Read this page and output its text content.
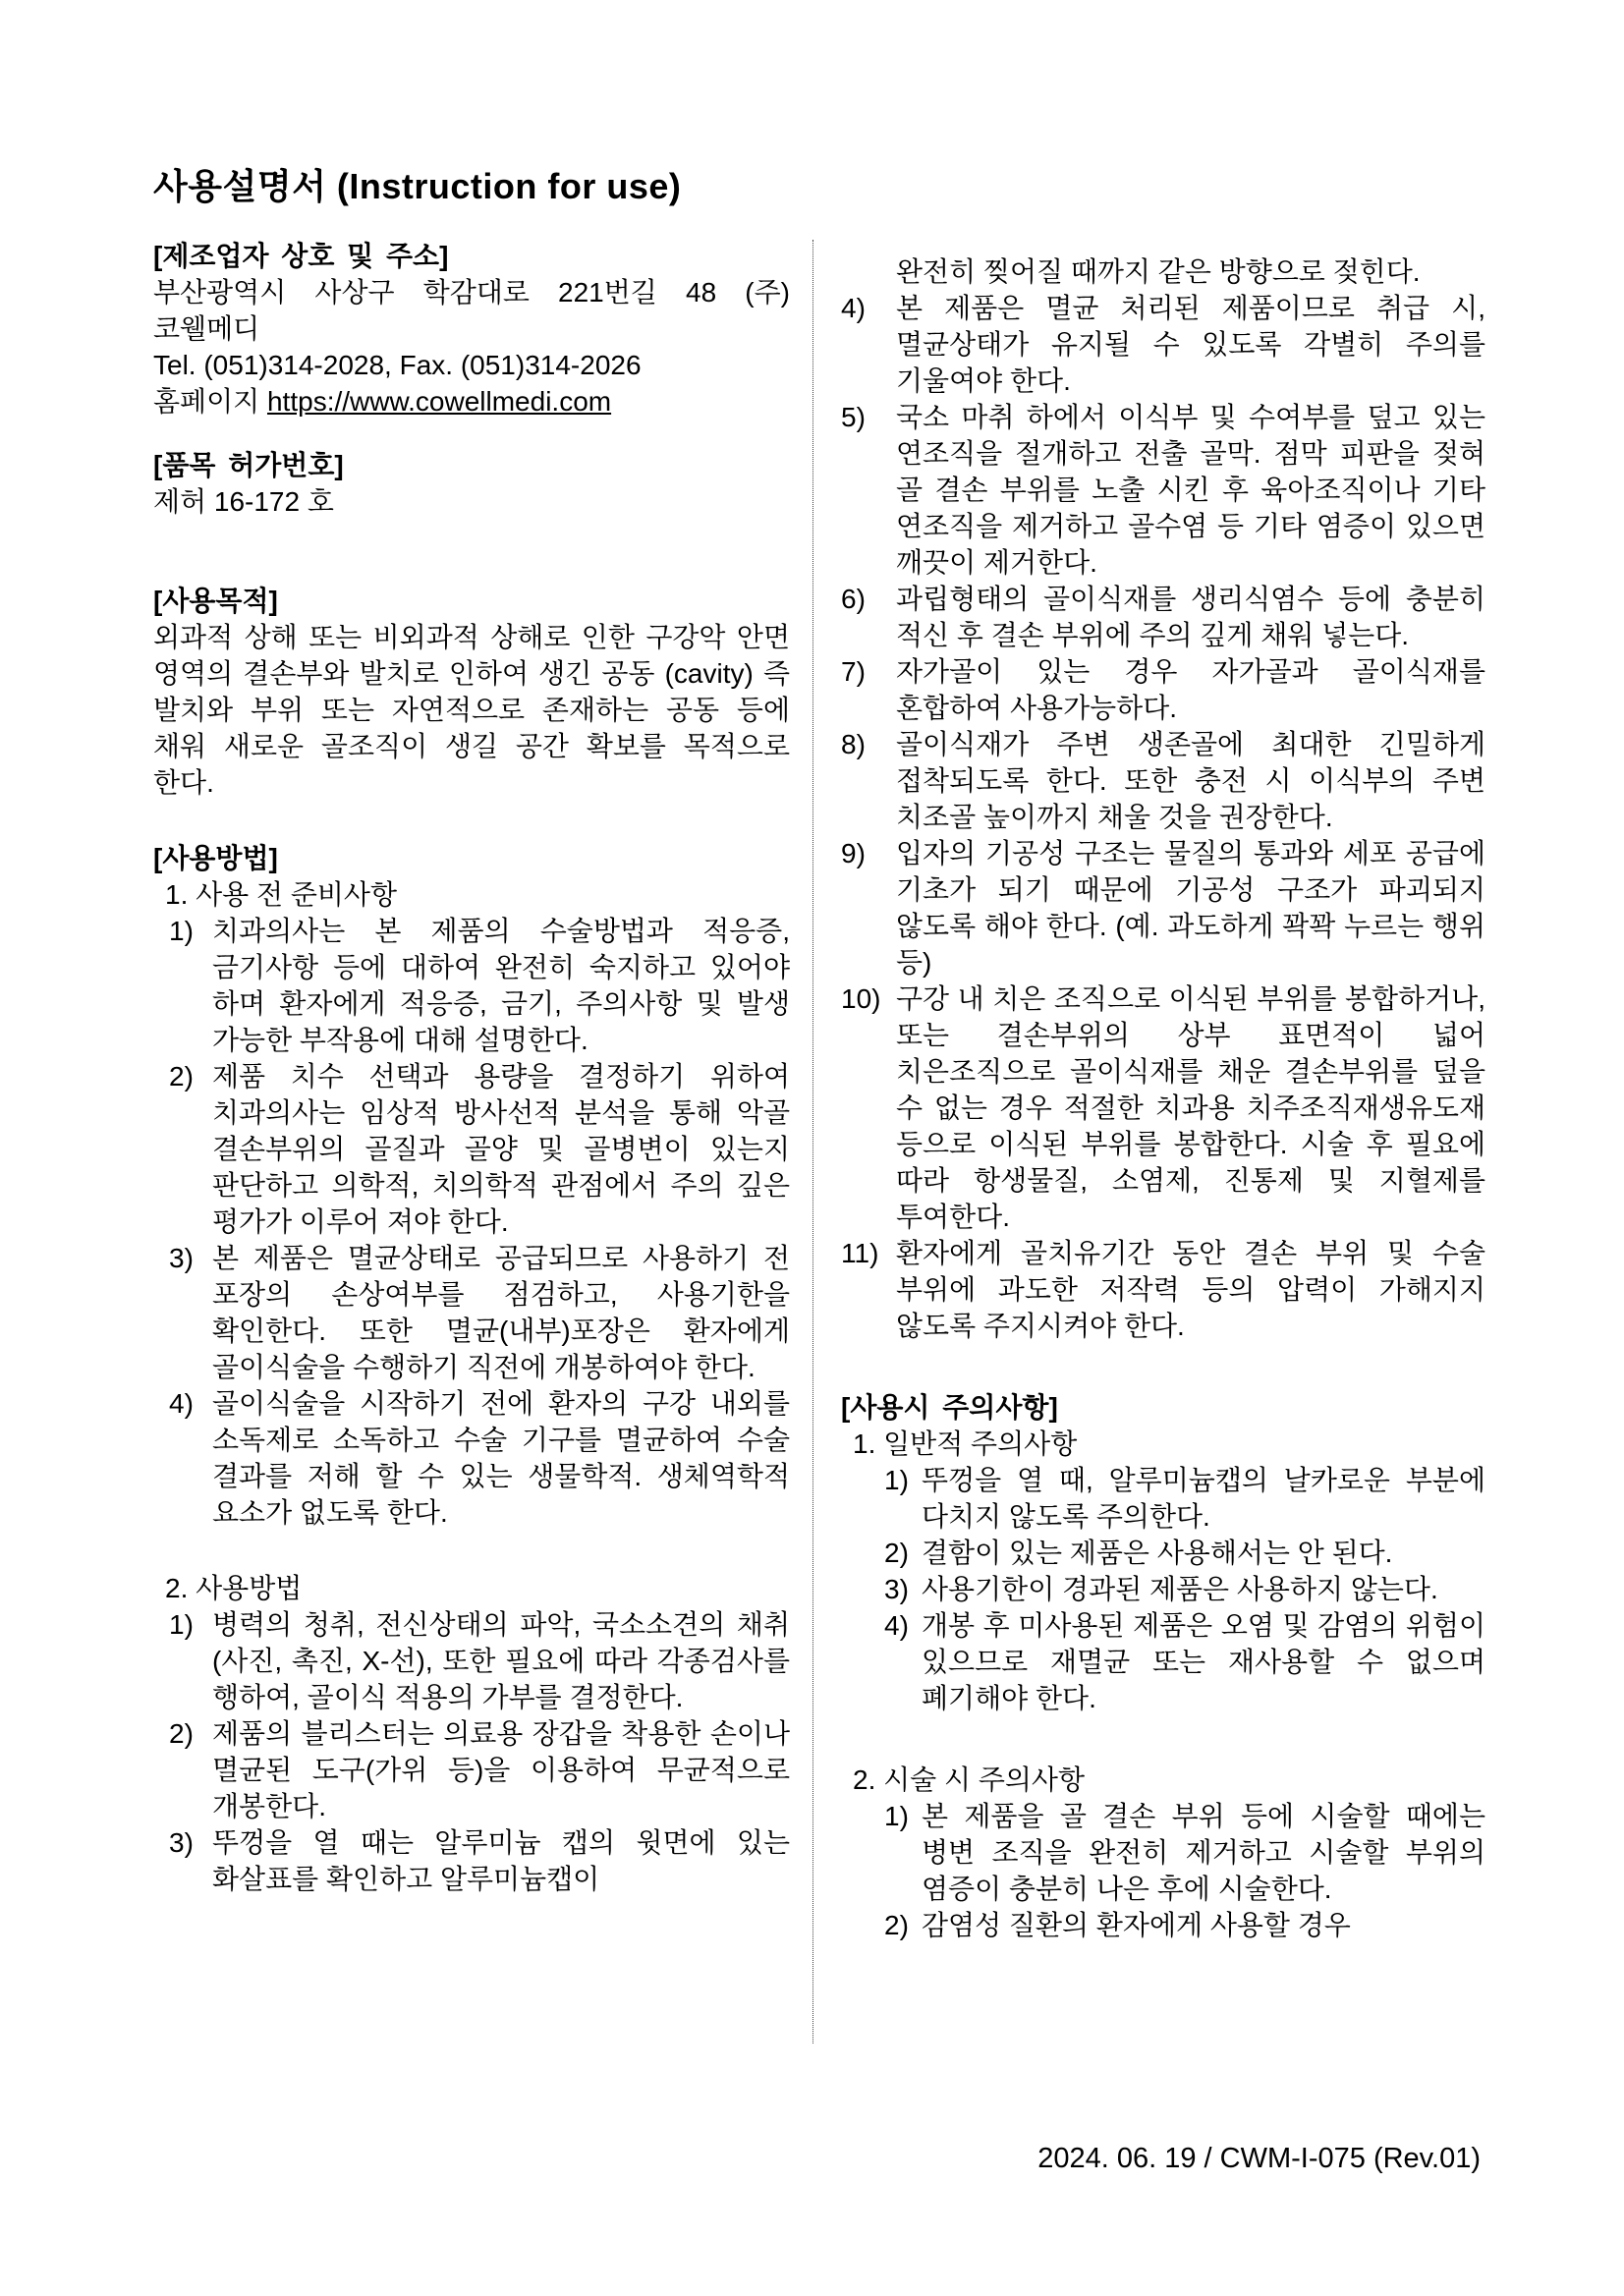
사용설명서 (Instruction for use)
[제조업자 상호 및 주소]
부산광역시 사상구 학감대로 221번길 48 (주)코웰메디
Tel. (051)314-2028, Fax. (051)314-2026
홈페이지 https://www.cowellmedi.com
[품목 허가번호]
제허 16-172 호
[사용목적]
외과적 상해 또는 비외과적 상해로 인한 구강악 안면 영역의 결손부와 발치로 인하여 생긴 공동 (cavity) 즉 발치와 부위 또는 자연적으로 존재하는 공동 등에 채워 새로운 골조직이 생길 공간 확보를 목적으로 한다.
[사용방법]
1. 사용 전 준비사항
1) 치과의사는 본 제품의 수술방법과 적응증, 금기사항 등에 대하여 완전히 숙지하고 있어야 하며 환자에게 적응증, 금기, 주의사항 및 발생 가능한 부작용에 대해 설명한다.
2) 제품 치수 선택과 용량을 결정하기 위하여 치과의사는 임상적 방사선적 분석을 통해 악골 결손부위의 골질과 골양 및 골병변이 있는지 판단하고 의학적, 치의학적 관점에서 주의 깊은 평가가 이루어 져야 한다.
3) 본 제품은 멸균상태로 공급되므로 사용하기 전 포장의 손상여부를 점검하고, 사용기한을 확인한다. 또한 멸균(내부)포장은 환자에게 골이식술을 수행하기 직전에 개봉하여야 한다.
4) 골이식술을 시작하기 전에 환자의 구강 내외를 소독제로 소독하고 수술 기구를 멸균하여 수술 결과를 저해 할 수 있는 생물학적. 생체역학적 요소가 없도록 한다.
2. 사용방법
1) 병력의 청취, 전신상태의 파악, 국소소견의 채취(사진, 촉진, X-선), 또한 필요에 따라 각종검사를 행하여, 골이식 적용의 가부를 결정한다.
2) 제품의 블리스터는 의료용 장갑을 착용한 손이나 멸균된 도구(가위 등)을 이용하여 무균적으로 개봉한다.
3) 뚜껑을 열 때는 알루미늄 캡의 윗면에 있는 화살표를 확인하고 알루미늄캡이
완전히 찢어질 때까지 같은 방향으로 젖힌다.
4)	본 제품은 멸균 처리된 제품이므로 취급 시, 멸균상태가 유지될 수 있도록 각별히 주의를 기울여야 한다.
5)	국소 마취 하에서 이식부 및 수여부를 덮고 있는 연조직을 절개하고 전출 골막. 점막 피판을 젖혀 골 결손 부위를 노출 시킨 후 육아조직이나 기타 연조직을 제거하고 골수염 등 기타 염증이 있으면 깨끗이 제거한다.
6)	과립형태의 골이식재를 생리식염수 등에 충분히 적신 후 결손 부위에 주의 깊게 채워 넣는다.
7)	자가골이 있는 경우 자가골과 골이식재를 혼합하여 사용가능하다.
8)	골이식재가 주변 생존골에 최대한 긴밀하게 접착되도록 한다. 또한 충전 시 이식부의 주변 치조골 높이까지 채울 것을 권장한다.
9)	입자의 기공성 구조는 물질의 통과와 세포 공급에 기초가 되기 때문에 기공성 구조가 파괴되지 않도록 해야 한다. (예. 과도하게 꽉꽉 누르는 행위 등)
10) 구강 내 치은 조직으로 이식된 부위를 봉합하거나, 또는 결손부위의 상부 표면적이 넓어 치은조직으로 골이식재를 채운 결손부위를 덮을 수 없는 경우 적절한 치과용 치주조직재생유도재 등으로 이식된 부위를 봉합한다. 시술 후 필요에 따라 항생물질, 소염제, 진통제 및 지혈제를 투여한다.
11) 환자에게 골치유기간 동안 결손 부위 및 수술 부위에 과도한 저작력 등의 압력이 가해지지 않도록 주지시켜야 한다.
[사용시 주의사항]
1. 일반적 주의사항
1) 뚜껑을 열 때, 알루미늄캡의 날카로운 부분에 다치지 않도록 주의한다.
2) 결함이 있는 제품은 사용해서는 안 된다.
3) 사용기한이 경과된 제품은 사용하지 않는다.
4) 개봉 후 미사용된 제품은 오염 및 감염의 위험이 있으므로 재멸균 또는 재사용할 수 없으며 폐기해야 한다.
2. 시술 시 주의사항
1) 본 제품을 골 결손 부위 등에 시술할 때에는 병변 조직을 완전히 제거하고 시술할 부위의 염증이 충분히 나은 후에 시술한다.
2) 감염성 질환의 환자에게 사용할 경우
2024. 06. 19 / CWM-I-075 (Rev.01)
